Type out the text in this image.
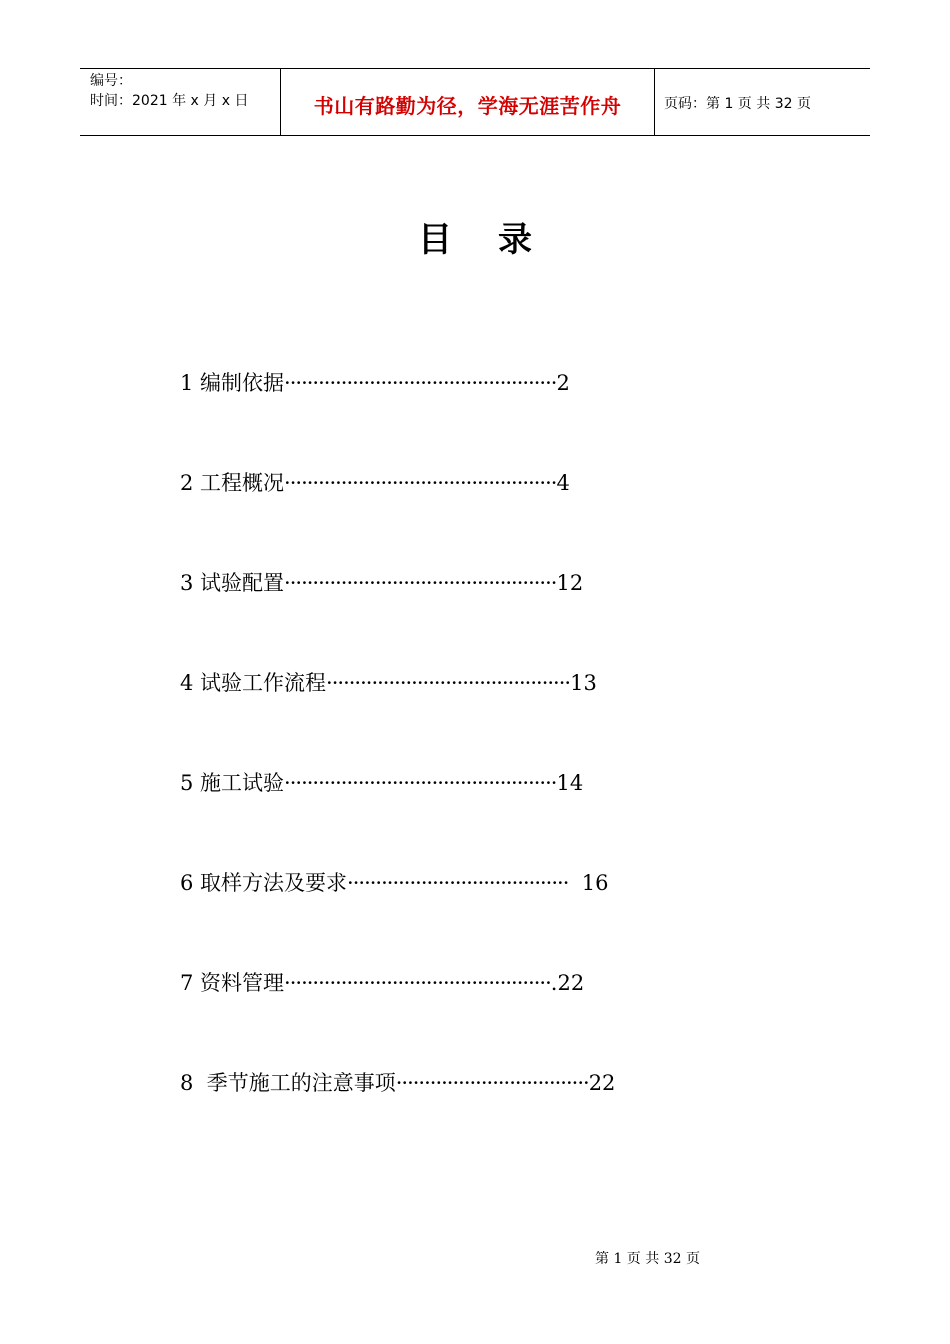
编号：
时间：2021 年 x 月 x 日	书山有路勤为径，学海无涯苦作舟	页码：第 1 页 共 32 页
目录
1 编制依据················································2
2 工程概况················································4
3 试验配置················································12
4 试验工作流程···········································13
5 施工试验················································14
6 取样方法及要求·······································  16
7 资料管理···············································.22
8  季节施工的注意事项··································22
第 1 页 共 32 页
